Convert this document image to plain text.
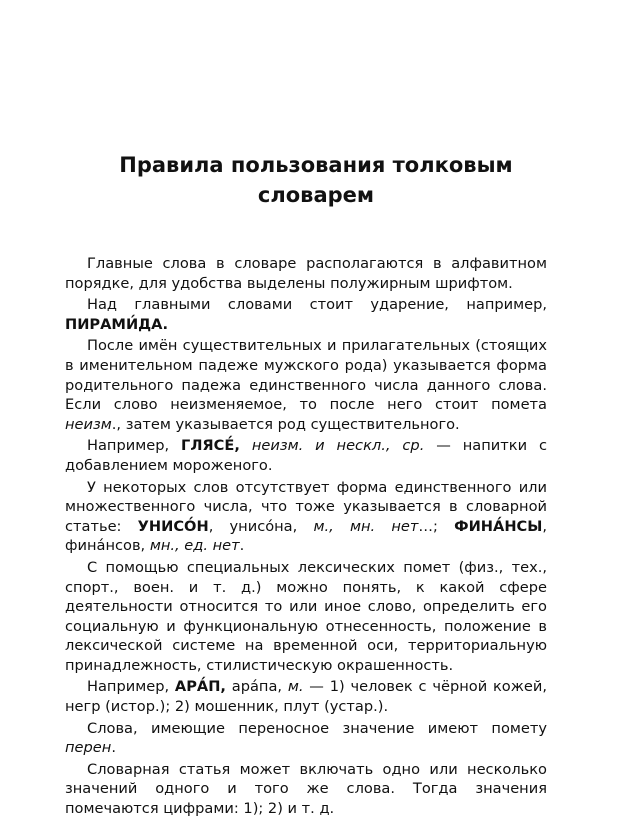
Правила пользования толковым
словарем

Главные слова в словаре располагаются в алфавитном порядке, для удобства выделены полужирным шрифтом.

Над главными словами стоит ударение, например, ПИРАМИ́ДА.

После имён существительных и прилагательных (стоящих в именительном падеже мужского рода) указывается форма родительного падежа единственного числа данного слова. Если слово неизменяемое, то после него стоит помета неизм., затем указывается род существительного.

Например, ГЛЯСЕ́, неизм. и нескл., ср. — напитки с добавлением мороженого.

У некоторых слов отсутствует форма единственного или множественного числа, что тоже указывается в словарной статье: УНИСО́Н, унисо́на, м., мн. нет…; ФИНА́НСЫ, фина́нсов, мн., ед. нет.

С помощью специальных лексических помет (физ., тех., спорт., воен. и т. д.) можно понять, к какой сфере деятельности относится то или иное слово, определить его социальную и функциональную отнесенность, положение в лексической системе на временной оси, территориальную принадлежность, стилистическую окрашенность.

Например, АРА́П, ара́па, м. — 1) человек с чёрной кожей, негр (истор.); 2) мошенник, плут (устар.).

Слова, имеющие переносное значение имеют помету перен.

Словарная статья может включать одно или несколько значений одного и того же слова. Тогда значения помечаются цифрами: 1); 2) и т. д.
